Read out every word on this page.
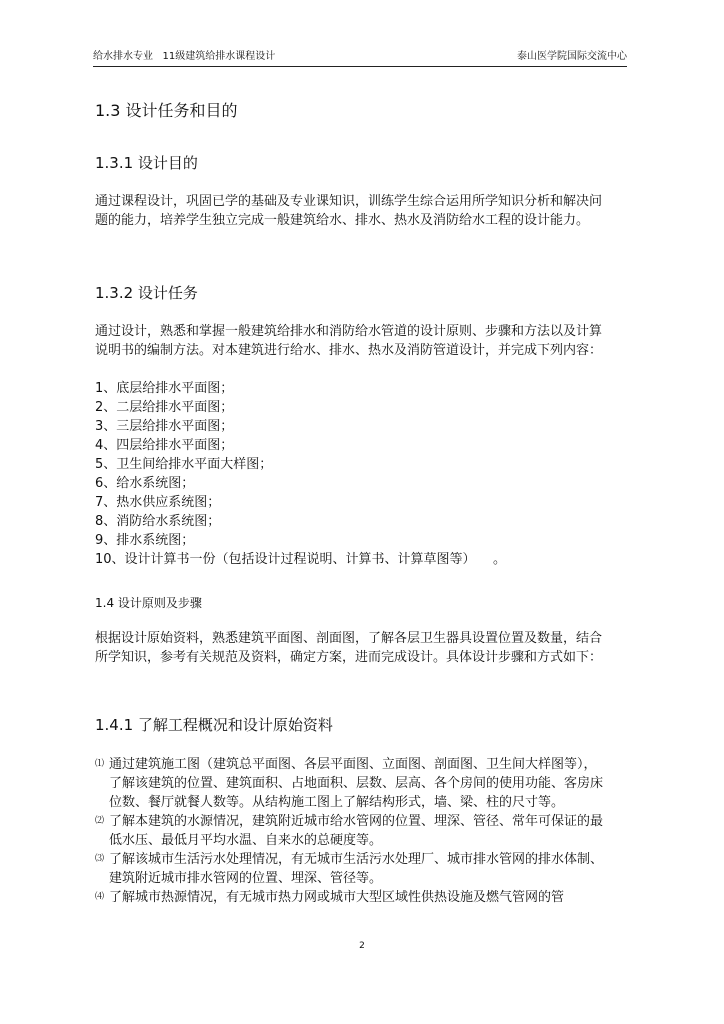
给水排水专业   11级建筑给排水课程设计	泰山医学院国际交流中心
1.3 设计任务和目的
1.3.1 设计目的
通过课程设计，巩固已学的基础及专业课知识，训练学生综合运用所学知识分析和解决问题的能力，培养学生独立完成一般建筑给水、排水、热水及消防给水工程的设计能力。
1.3.2 设计任务
通过设计，熟悉和掌握一般建筑给排水和消防给水管道的设计原则、步骤和方法以及计算说明书的编制方法。对本建筑进行给水、排水、热水及消防管道设计，并完成下列内容：
1、底层给排水平面图；
2、二层给排水平面图；
3、三层给排水平面图；
4、四层给排水平面图；
5、卫生间给排水平面大样图；
6、给水系统图；
7、热水供应系统图；
8、消防给水系统图；
9、排水系统图；
10、设计计算书一份（包括设计过程说明、计算书、计算草图等） 。
1.4 设计原则及步骤
根据设计原始资料，熟悉建筑平面图、剖面图，了解各层卫生器具设置位置及数量，结合所学知识，参考有关规范及资料，确定方案，进而完成设计。具体设计步骤和方式如下：
1.4.1 了解工程概况和设计原始资料
⑴ 通过建筑施工图（建筑总平面图、各层平面图、立面图、剖面图、卫生间大样图等），了解该建筑的位置、建筑面积、占地面积、层数、层高、各个房间的使用功能、客房床位数、餐厅就餐人数等。从结构施工图上了解结构形式，墙、梁、柱的尺寸等。
⑵ 了解本建筑的水源情况，建筑附近城市给水管网的位置、埋深、管径、常年可保证的最低水压、最低月平均水温、自来水的总硬度等。
⑶ 了解该城市生活污水处理情况，有无城市生活污水处理厂、城市排水管网的排水体制、建筑附近城市排水管网的位置、埋深、管径等。
⑷ 了解城市热源情况，有无城市热力网或城市大型区域性供热设施及燃气管网的管
2
